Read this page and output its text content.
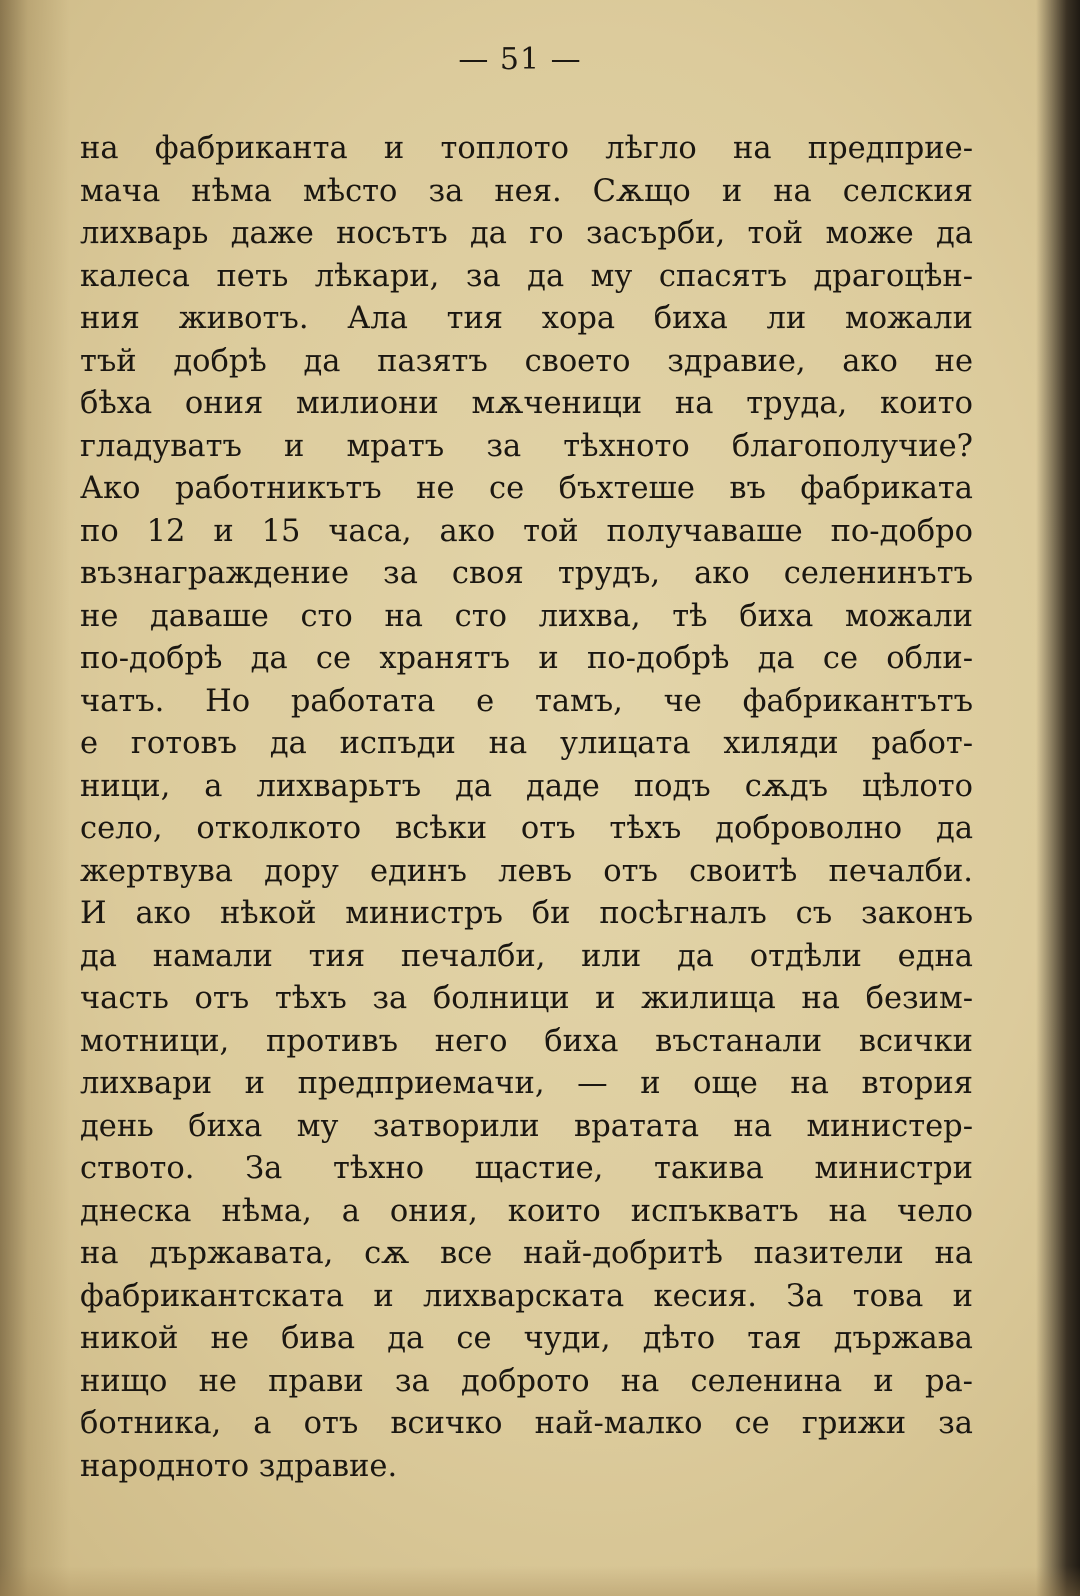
— 51 —
на фабриканта и топлото лѣгло на предприе-
мача нѣма мѣсто за нея. Сѫщо и на селския
лихварь даже носътъ да го засърби, той може да
калеса петь лѣкари, за да му спасятъ драгоцѣн-
ния животъ. Ала тия хора биха ли можали
тъй добрѣ да пазятъ своето здравие, ако не
бѣха ония милиони мѫченици на труда, които
гладуватъ и мратъ за тѣхното благополучие?
Ако работникътъ не се бъхтеше въ фабриката
по 12 и 15 часа, ако той получаваше по-добро
възнаграждение за своя трудъ, ако селенинътъ
не даваше сто на сто лихва, тѣ биха можали
по-добрѣ да се хранятъ и по-добрѣ да се обли-
чатъ. Но работата е тамъ, че фабрикантътъ
е готовъ да испъди на улицата хиляди работ-
ници, а лихварьтъ да даде подъ сѫдъ цѣлото
село, отколкото всѣки отъ тѣхъ доброволно да
жертвува дору единъ левъ отъ своитѣ печалби.
И ако нѣкой министръ би посѣгналъ съ законъ
да намали тия печалби, или да отдѣли една
часть отъ тѣхъ за болници и жилища на безим-
мотници, противъ него биха въстанали всички
лихвари и предприемачи, — и още на втория
день биха му затворили вратата на министер-
ството. За тѣхно щастие, такива министри
днеска нѣма, а ония, които испъкватъ на чело
на държавата, сѫ все най-добритѣ пазители на
фабрикантската и лихварската кесия. За това и
никой не бива да се чуди, дѣто тая държава
нищо не прави за доброто на селенина и ра-
ботника, а отъ всичко най-малко се грижи за
народното здравие.
